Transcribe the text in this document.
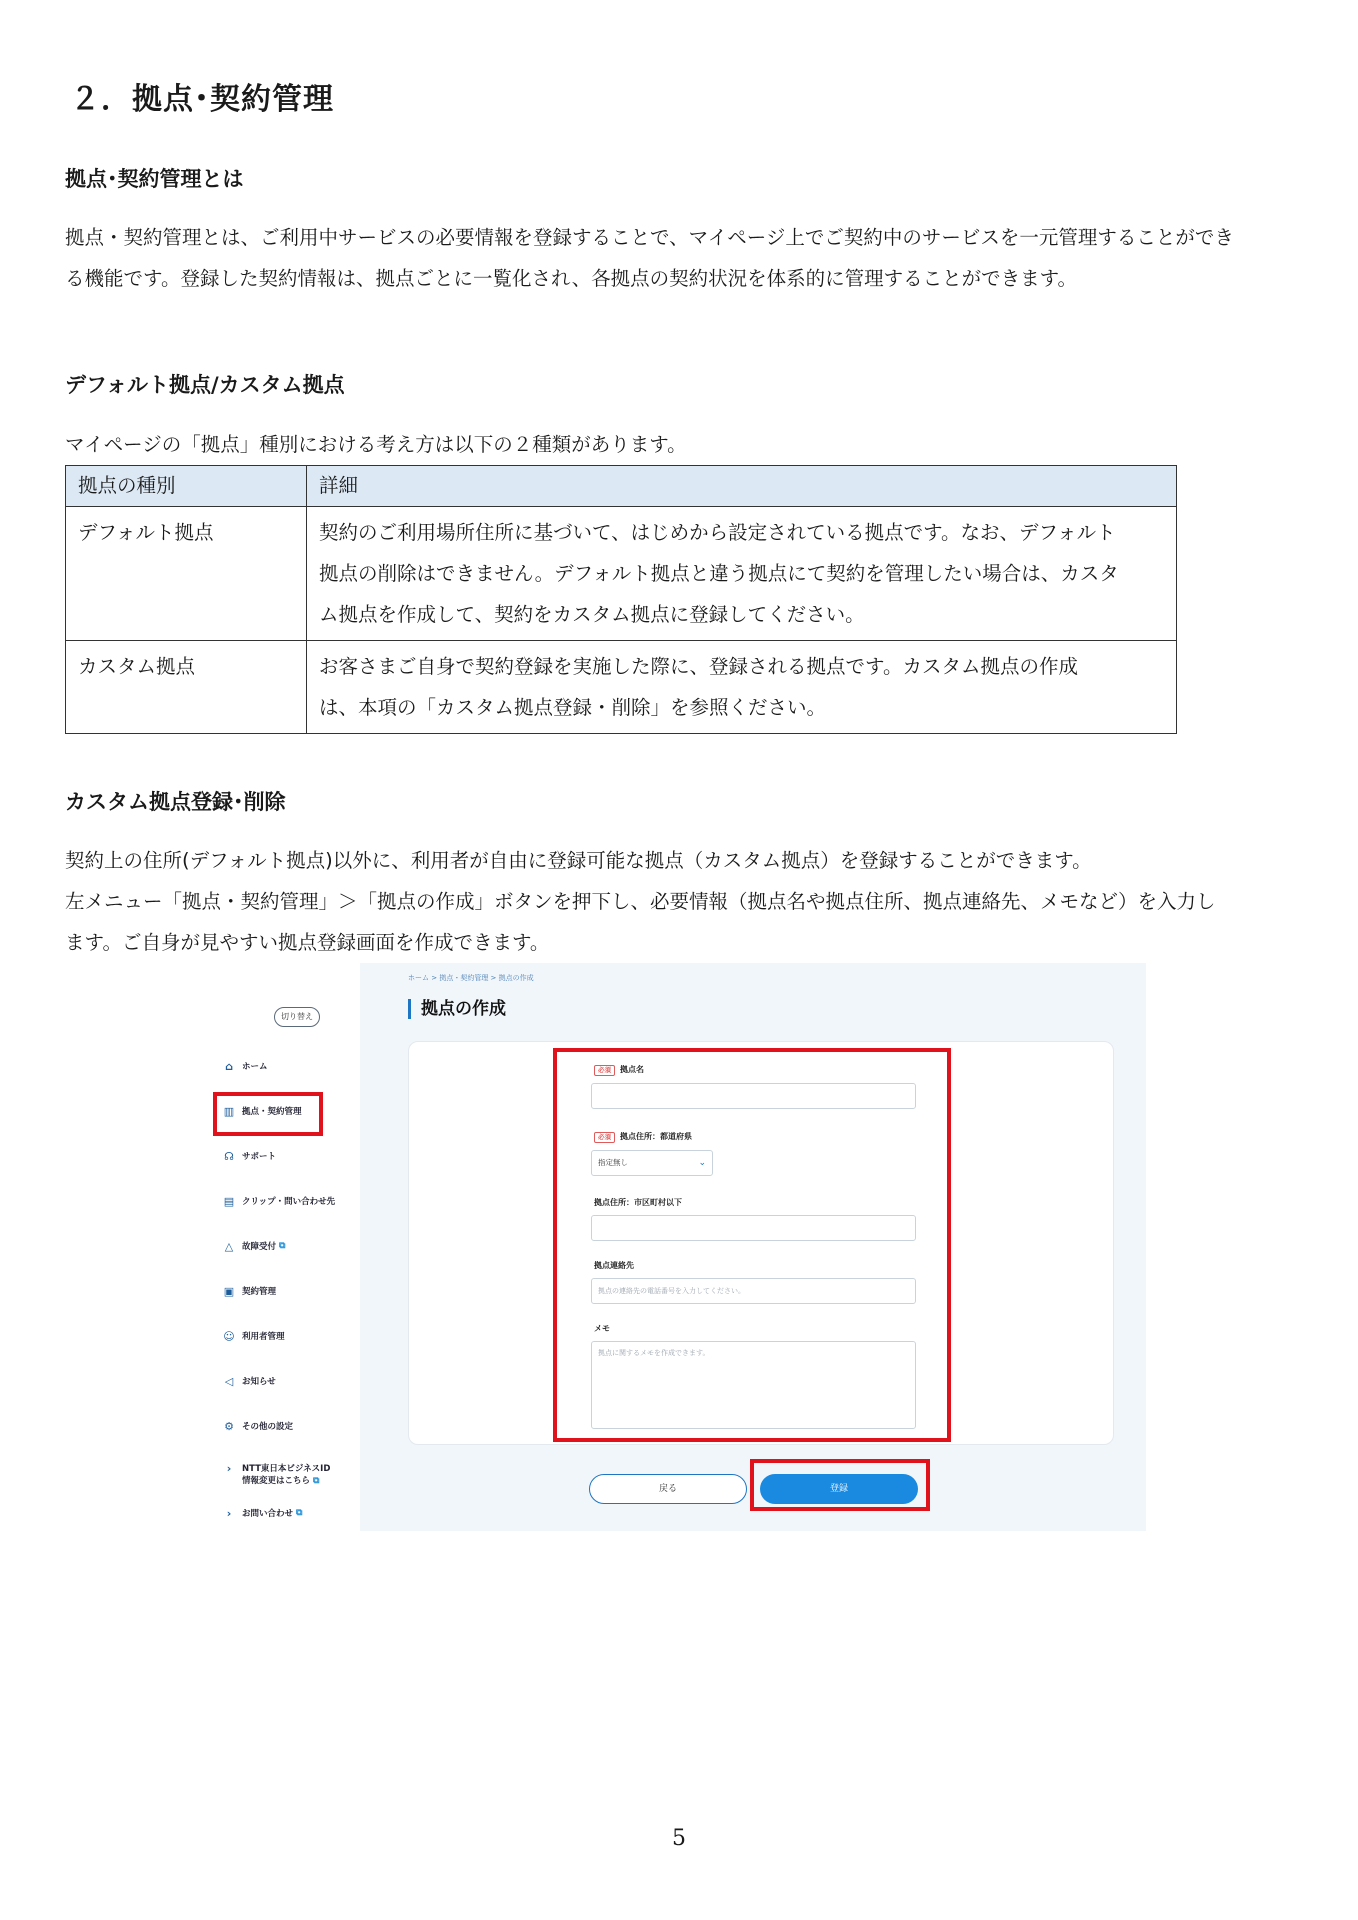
２．拠点･契約管理
拠点･契約管理とは
拠点・契約管理とは、ご利用中サービスの必要情報を登録することで、マイページ上でご契約中のサービスを一元管理することができ
る機能です。登録した契約情報は、拠点ごとに一覧化され、各拠点の契約状況を体系的に管理することができます。
デフォルト拠点/カスタム拠点
マイページの「拠点」種別における考え方は以下の２種類があります。
拠点の種別	詳細
デフォルト拠点	契約のご利用場所住所に基づいて、はじめから設定されている拠点です。なお、デフォルト
拠点の削除はできません。デフォルト拠点と違う拠点にて契約を管理したい場合は、カスタ
ム拠点を作成して、契約をカスタム拠点に登録してください。
カスタム拠点	お客さまご自身で契約登録を実施した際に、登録される拠点です。カスタム拠点の作成
は、本項の「カスタム拠点登録・削除」を参照ください。
カスタム拠点登録･削除
契約上の住所(デフォルト拠点)以外に、利用者が自由に登録可能な拠点（カスタム拠点）を登録することができます。
左メニュー「拠点・契約管理」＞「拠点の作成」ボタンを押下し、必要情報（拠点名や拠点住所、拠点連絡先、メモなど）を入力し
ます。ご自身が見やすい拠点登録画面を作成できます。
切り替え
⌂	ホーム
▥ 拠点・契約管理
☊ サポート
▤ クリップ・問い合わせ先
△	故障受付 ⧉
▣ 契約管理
☺ 利用者管理
◁	お知らせ
⚙ その他の設定
›	NTT東日本ビジネスID
情報変更はこちら ⧉
›	お問い合わせ ⧉
ホーム > 拠点・契約管理 > 拠点の作成
拠点の作成
必須 拠点名
必須 拠点住所：都道府県
指定無し	⌄
拠点住所：市区町村以下
拠点連絡先
拠点の連絡先の電話番号を入力してください。
メモ
拠点に関するメモを作成できます。
戻る	登録
5
